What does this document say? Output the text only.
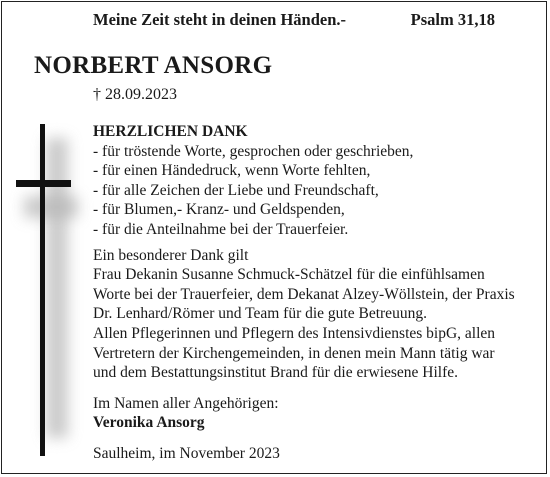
Meine Zeit steht in deinen Händen.-	Psalm 31,18
NORBERT ANSORG
† 28.09.2023
HERZLICHEN DANK
- für tröstende Worte, gesprochen oder geschrieben,
- für einen Händedruck, wenn Worte fehlten,
- für alle Zeichen der Liebe und Freundschaft,
- für Blumen,- Kranz- und Geldspenden,
- für die Anteilnahme bei der Trauerfeier.
Ein besonderer Dank gilt
Frau Dekanin Susanne Schmuck-Schätzel für die einfühlsamen
Worte bei der Trauerfeier, dem Dekanat Alzey-Wöllstein, der Praxis
Dr. Lenhard/Römer und Team für die gute Betreuung.
Allen Pflegerinnen und Pflegern des Intensivdienstes bipG, allen
Vertretern der Kirchengemeinden, in denen mein Mann tätig war
und dem Bestattungsinstitut Brand für die erwiesene Hilfe.
Im Namen aller Angehörigen:
Veronika Ansorg
Saulheim, im November 2023
